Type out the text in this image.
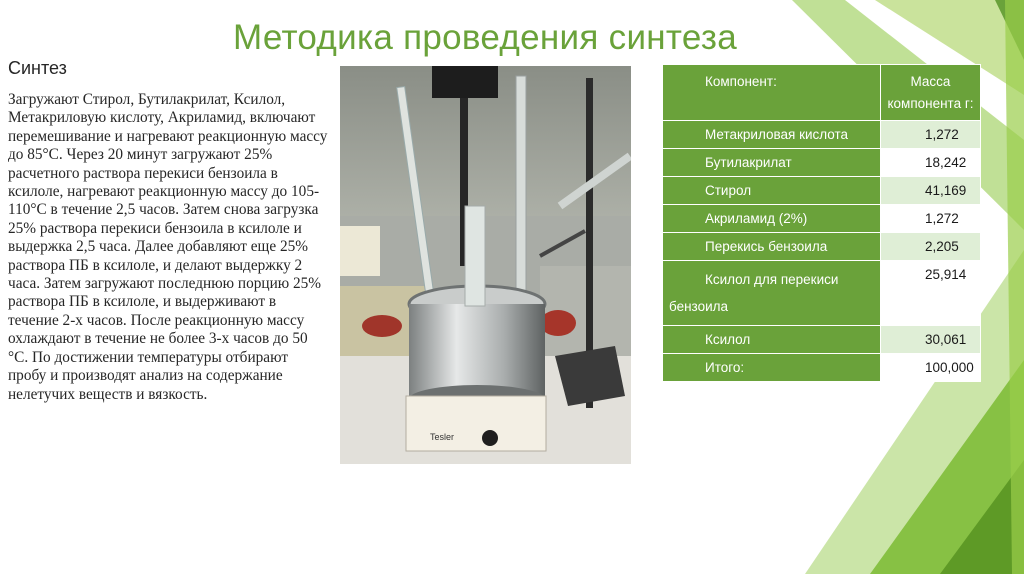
Методика проведения синтеза
Синтез
Загружают Стирол, Бутилакрилат, Ксилол, Метакриловую кислоту, Акриламид, включают перемешивание и нагревают реакционную массу до 85°С. Через 20 минут загружают 25% расчетного раствора перекиси бензоила в ксилоле, нагревают реакционную массу до 105-110°С в течение 2,5 часов. Затем снова загрузка 25% раствора перекиси бензоила в ксилоле и выдержка 2,5 часа. Далее добавляют еще 25% раствора ПБ в ксилоле, и делают выдержку 2 часа. Затем загружают последнюю порцию 25% раствора ПБ в ксилоле, и выдерживают в течение 2-х часов. После реакционную массу охлаждают в течение не более 3-х часов до 50 °С. По достижении температуры отбирают пробу и производят анализ на содержание нелетучих веществ и вязкость.
Tesler
Компонент:	Масса
компонента г:

Метакриловая кислота	1,272

Бутилакрилат	18,242

Стирол	41,169

Акриламид (2%)	1,272

Перекись бензоила	2,205

Ксилол для перекиси
бензоила	25,914

Ксилол	30,061

Итого:	100,000
